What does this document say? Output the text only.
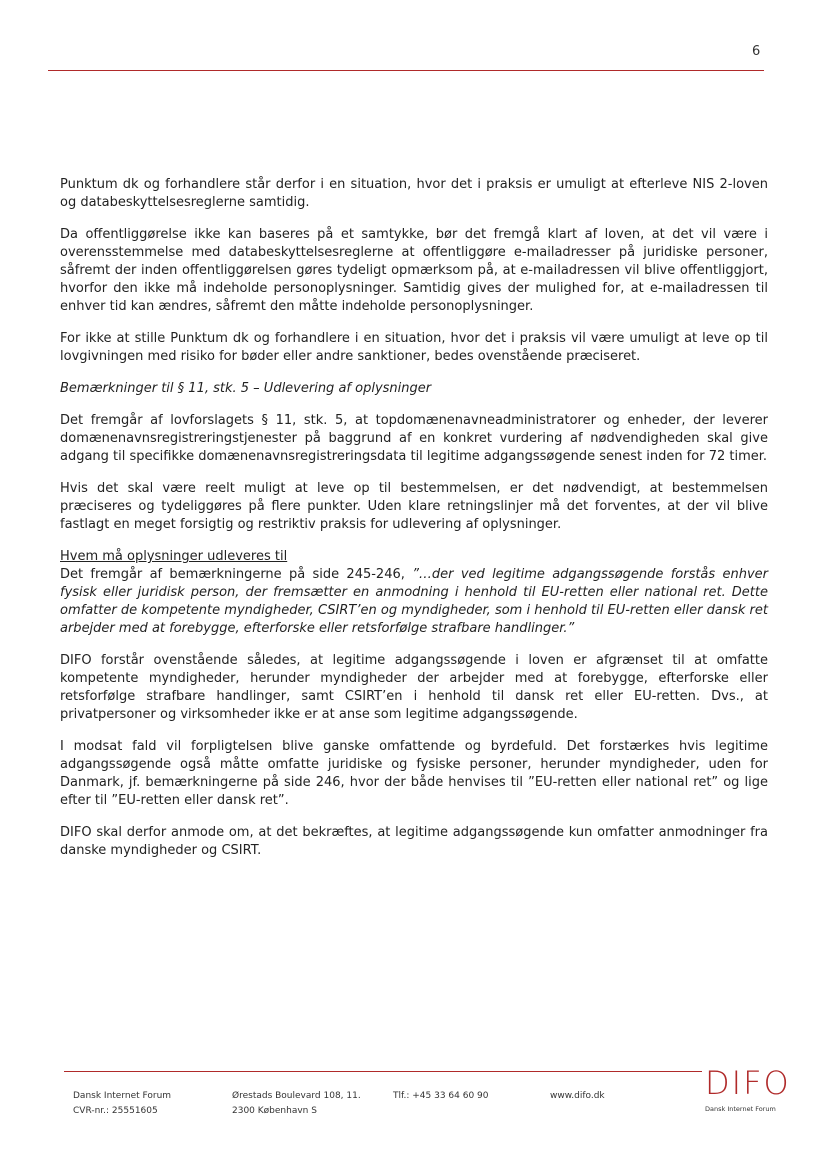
6

Punktum dk og forhandlere står derfor i en situation, hvor det i praksis er umuligt at efterleve NIS 2-loven og databeskyttelsesreglerne samtidig.

Da offentliggørelse ikke kan baseres på et samtykke, bør det fremgå klart af loven, at det vil være i overensstemmelse med databeskyttelsesreglerne at offentliggøre e-mailadresser på juridiske personer, såfremt der inden offentliggørelsen gøres tydeligt opmærksom på, at e-mailadressen vil blive offentliggjort, hvorfor den ikke må indeholde personoplysninger. Samtidig gives der mulighed for, at e-mailadressen til enhver tid kan ændres, såfremt den måtte indeholde personoplysninger.

For ikke at stille Punktum dk og forhandlere i en situation, hvor det i praksis vil være umuligt at leve op til lovgivningen med risiko for bøder eller andre sanktioner, bedes ovenstående præciseret.

Bemærkninger til § 11, stk. 5 – Udlevering af oplysninger

Det fremgår af lovforslagets § 11, stk. 5, at topdomænenavneadministratorer og enheder, der leverer domænenavnsregistreringstjenester på baggrund af en konkret vurdering af nødvendigheden skal give adgang til specifikke domænenavnsregistreringsdata til legitime adgangssøgende senest inden for 72 timer.

Hvis det skal være reelt muligt at leve op til bestemmelsen, er det nødvendigt, at bestemmelsen præciseres og tydeliggøres på flere punkter. Uden klare retningslinjer må det forventes, at der vil blive fastlagt en meget forsigtig og restriktiv praksis for udlevering af oplysninger.

Hvem må oplysninger udleveres til
Det fremgår af bemærkningerne på side 245-246, ”…der ved legitime adgangssøgende forstås enhver fysisk eller juridisk person, der fremsætter en anmodning i henhold til EU-retten eller national ret. Dette omfatter de kompetente myndigheder, CSIRT’en og myndigheder, som i henhold til EU-retten eller dansk ret arbejder med at forebygge, efterforske eller retsforfølge strafbare handlinger.”

DIFO forstår ovenstående således, at legitime adgangssøgende i loven er afgrænset til at omfatte kompetente myndigheder, herunder myndigheder der arbejder med at forebygge, efterforske eller retsforfølge strafbare handlinger, samt CSIRT’en i henhold til dansk ret eller EU-retten. Dvs., at privatpersoner og virksomheder ikke er at anse som legitime adgangssøgende.

I modsat fald vil forpligtelsen blive ganske omfattende og byrdefuld. Det forstærkes hvis legitime adgangssøgende også måtte omfatte juridiske og fysiske personer, herunder myndigheder, uden for Danmark, jf. bemærkningerne på side 246, hvor der både henvises til ”EU-retten eller national ret” og lige efter til ”EU-retten eller dansk ret”.

DIFO skal derfor anmode om, at det bekræftes, at legitime adgangssøgende kun omfatter anmodninger fra danske myndigheder og CSIRT.

Dansk Internet Forum
CVR-nr.: 25551605
Ørestads Boulevard 108, 11.
2300 København S
Tlf.: +45 33 64 60 90	www.difo.dk	DIFO
Dansk Internet Forum
